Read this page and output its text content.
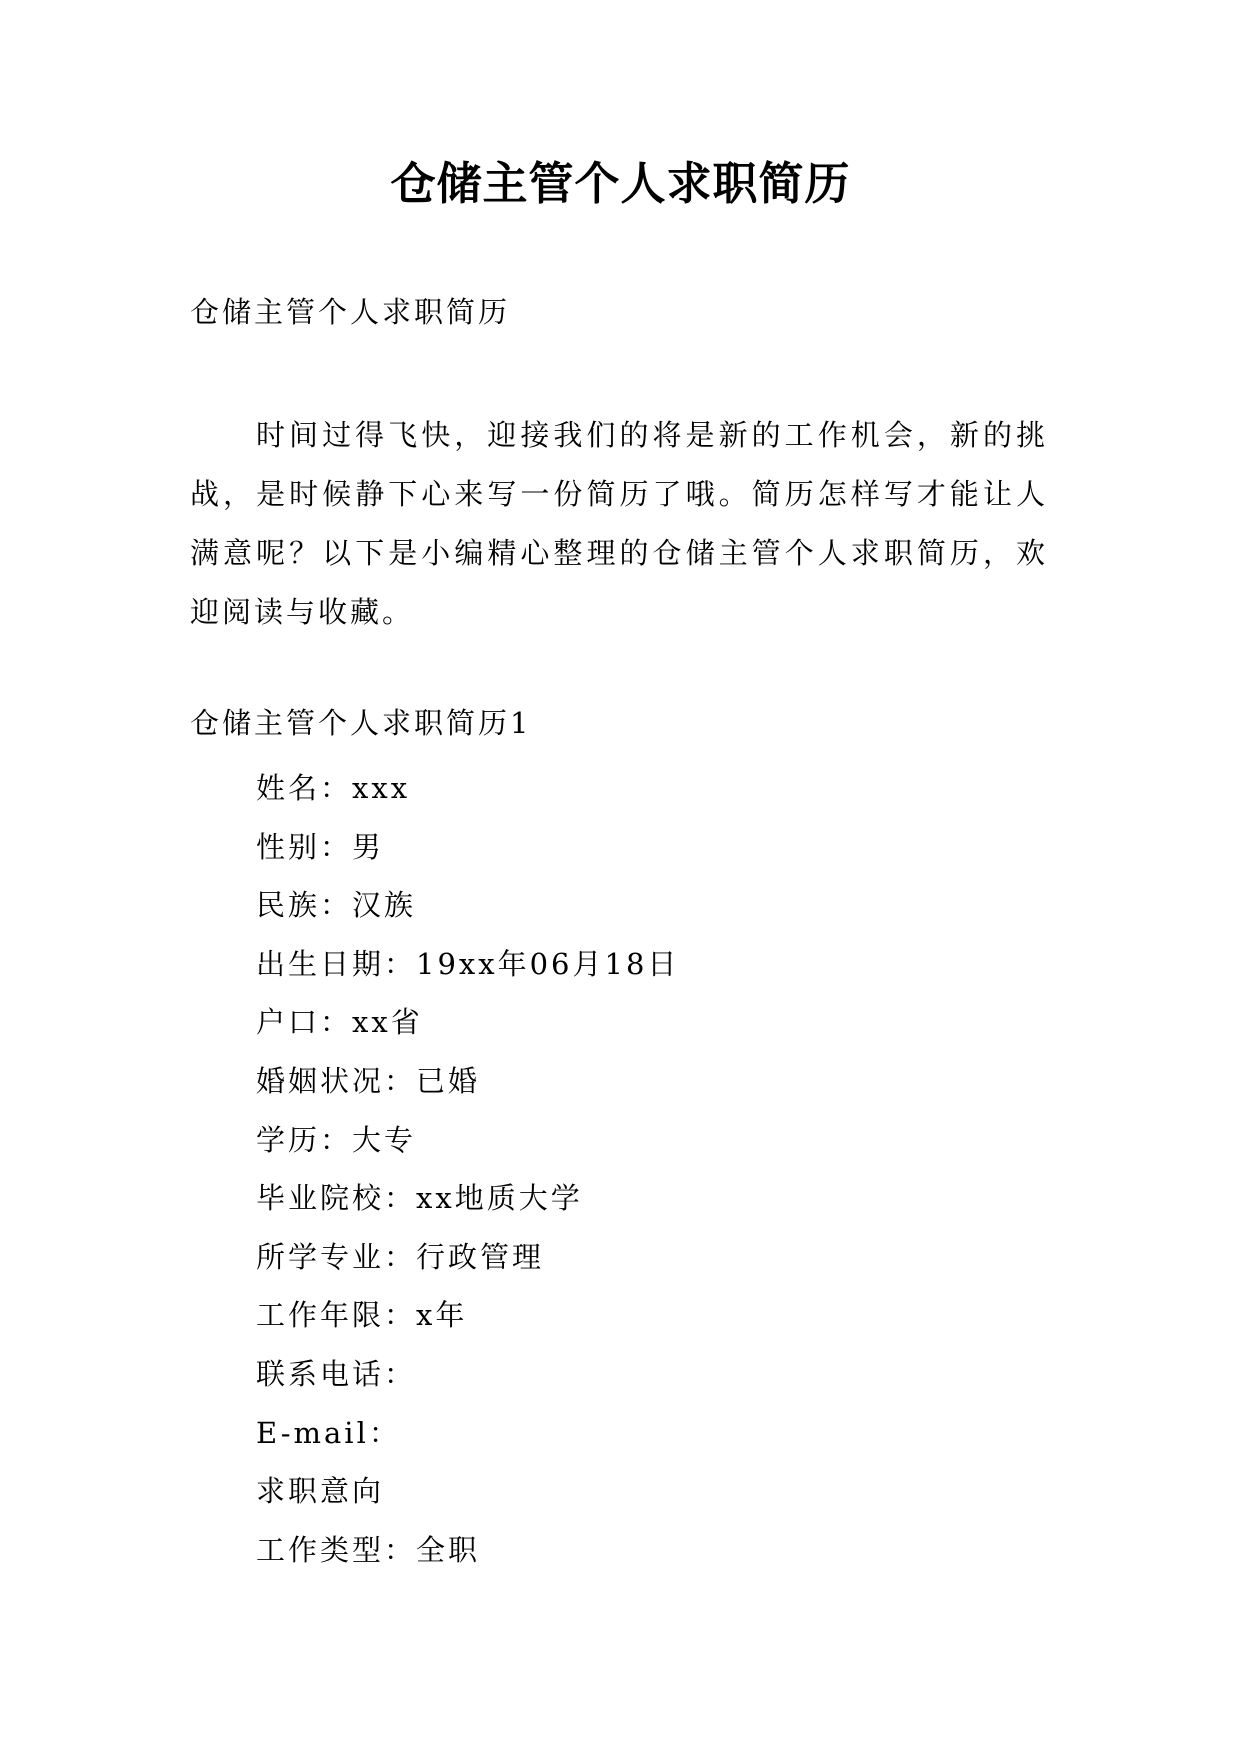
仓储主管个人求职简历
仓储主管个人求职简历

时间过得飞快，迎接我们的将是新的工作机会，新的挑战，是时候静下心来写一份简历了哦。简历怎样写才能让人满意呢？以下是小编精心整理的仓储主管个人求职简历，欢迎阅读与收藏。

仓储主管个人求职简历1
姓名：xxx
性别：男
民族：汉族
出生日期：19xx年06月18日
户口：xx省
婚姻状况：已婚
学历：大专
毕业院校：xx地质大学
所学专业：行政管理
工作年限：x年
联系电话：
E-mail：
求职意向
工作类型：全职
